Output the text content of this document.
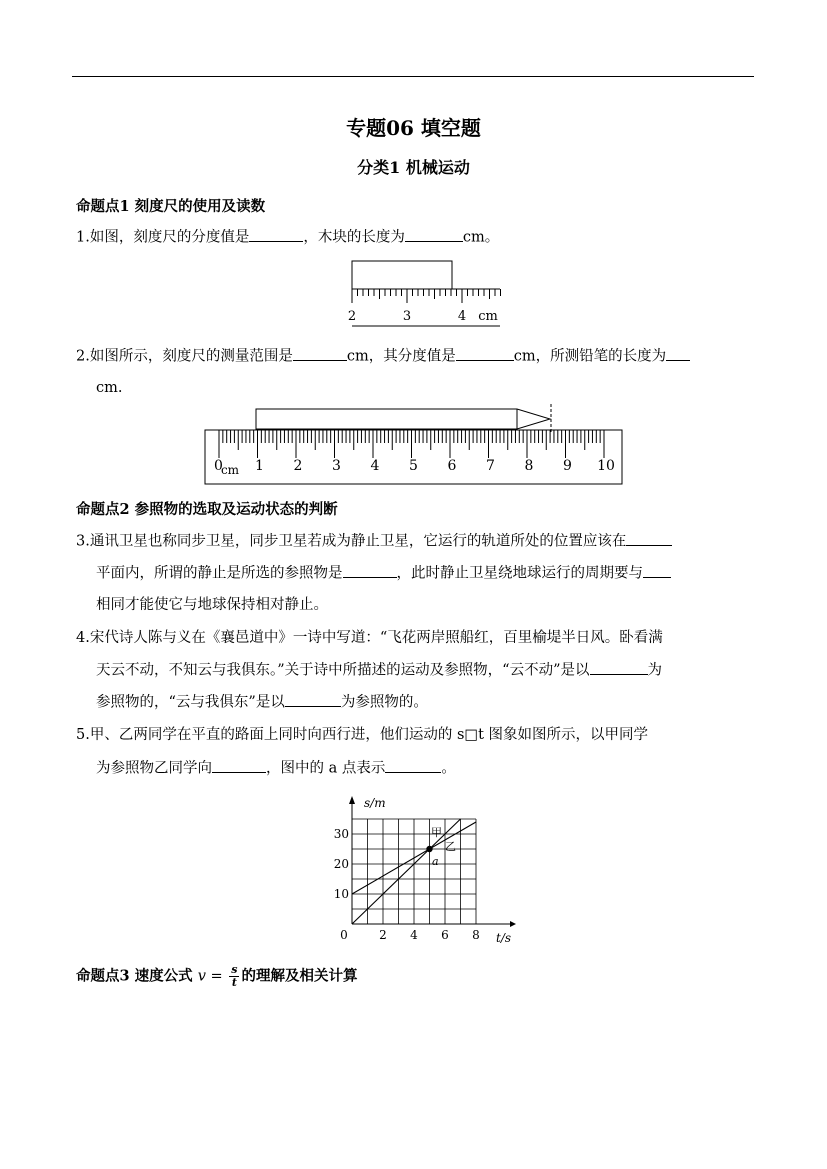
专题06 填空题
分类1 机械运动
命题点1 刻度尺的使用及读数
1.如图，刻度尺的分度值是	，木块的长度为	cm。
2	3	4 cm
2.如图所示，刻度尺的测量范围是	cm，其分度值是	cm，所测铅笔的长度为
cm.
0 1 2 3 4 5 6 7 8 9 10
cm
命题点2 参照物的选取及运动状态的判断
3.通讯卫星也称同步卫星，同步卫星若成为静止卫星，它运行的轨道所处的位置应该在
平面内，所谓的静止是所选的参照物是	，此时静止卫星绕地球运行的周期要与
相同才能使它与地球保持相对静止。
4.宋代诗人陈与义在《襄邑道中》一诗中写道：“飞花两岸照船红，百里榆堤半日风。卧看满
天云不动，不知云与我俱东。”关于诗中所描述的运动及参照物，“云不动”是以	为
参照物的，“云与我俱东”是以	为参照物的。
5.甲、乙两同学在平直的路面上同时向西行进，他们运动的 s□t 图象如图所示，以甲同学
为参照物乙同学向	，图中的 a 点表示	。
s/m
t/s
0	2 4 6 8
10
20
30	甲
乙
a
命题点3 速度公式 $v = \frac{s}{t}$ 的理解及相关计算
